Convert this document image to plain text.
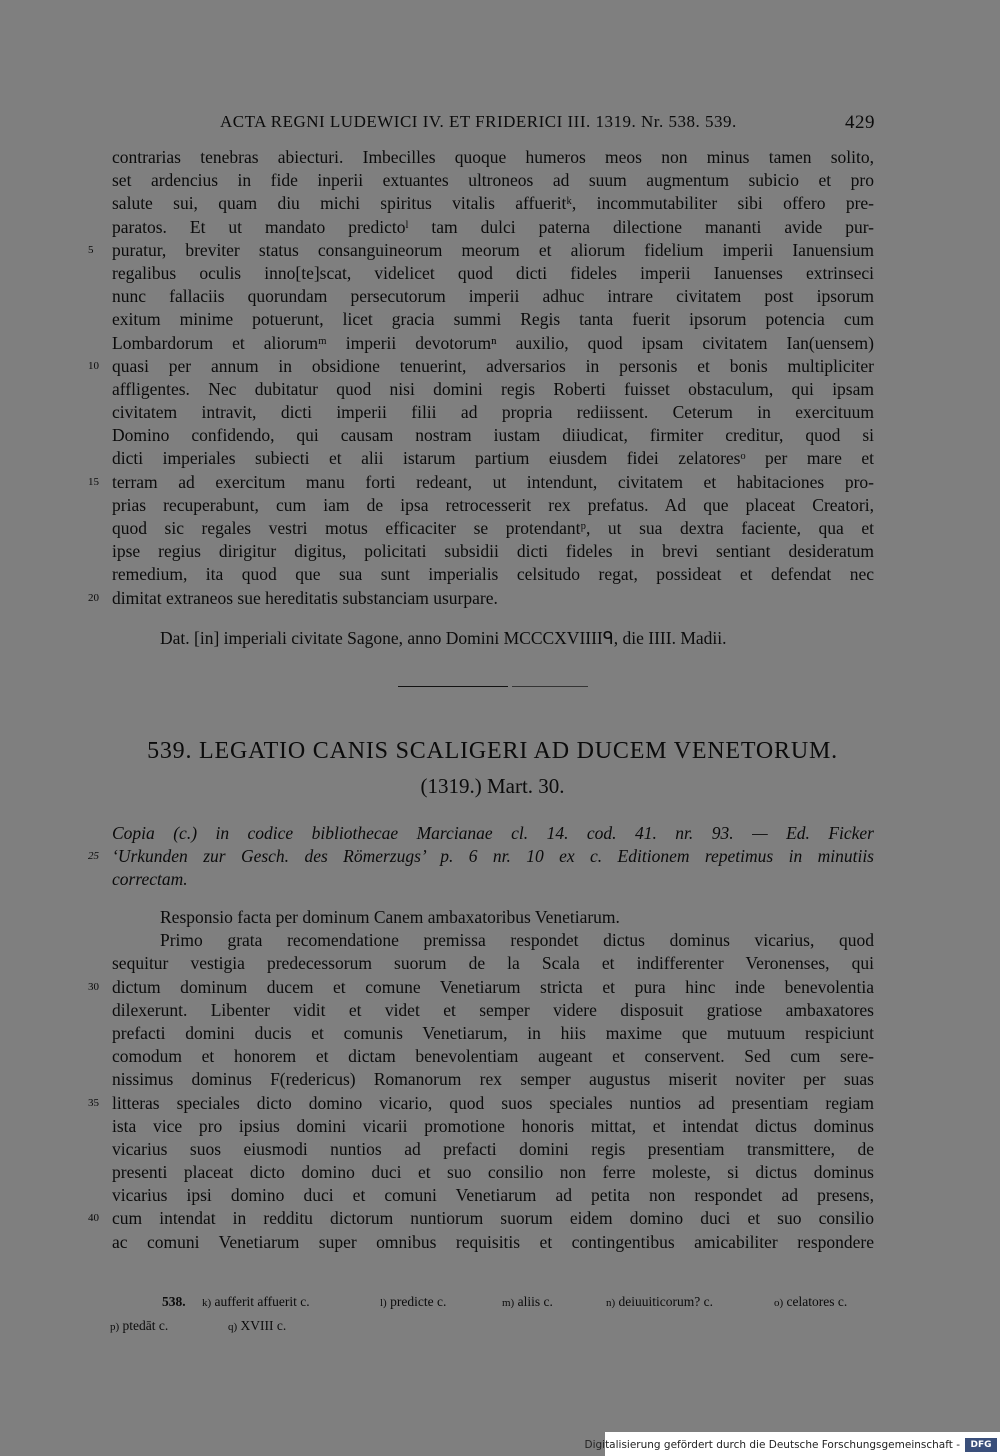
ACTA REGNI LUDEWICI IV. ET FRIDERICI III. 1319. Nr. 538. 539.	429
contrarias tenebras abiecturi. Imbecilles quoque humeros meos non minus tamen solito,
set ardencius in fide inperii extuantes ultroneos ad suum augmentum subicio et pro
salute sui, quam diu michi spiritus vitalis affueritᵏ, incommutabiliter sibi offero pre-
paratos. Et ut mandato predictoˡ tam dulci paterna dilectione mananti avide pur-
5	puratur, breviter status consanguineorum meorum et aliorum fidelium imperii Ianuensium
regalibus oculis inno[te]scat, videlicet quod dicti fideles imperii Ianuenses extrinseci
nunc fallaciis quorundam persecutorum imperii adhuc intrare civitatem post ipsorum
exitum minime potuerunt, licet gracia summi Regis tanta fuerit ipsorum potencia cum
Lombardorum et aliorumᵐ imperii devotorumⁿ auxilio, quod ipsam civitatem Ian(uensem)
10 quasi per annum in obsidione tenuerint, adversarios in personis et bonis multipliciter
affligentes. Nec dubitatur quod nisi domini regis Roberti fuisset obstaculum, qui ipsam
civitatem intravit, dicti imperii filii ad propria rediissent. Ceterum in exercituum
Domino confidendo, qui causam nostram iustam diiudicat, firmiter creditur, quod si
dicti imperiales subiecti et alii istarum partium eiusdem fidei zelatoresᵒ per mare et
15 terram ad exercitum manu forti redeant, ut intendunt, civitatem et habitaciones pro-
prias recuperabunt, cum iam de ipsa retrocesserit rex prefatus. Ad que placeat Creatori,
quod sic regales vestri motus efficaciter se protendantᵖ, ut sua dextra faciente, qua et
ipse regius dirigitur digitus, policitati subsidii dicti fideles in brevi sentiant desideratum
remedium, ita quod que sua sunt imperialis celsitudo regat, possideat et defendat nec
20 dimitat extraneos sue hereditatis substanciam usurpare.
Dat. [in] imperiali civitate Sagone, anno Domini MCCCXVIIIIᑫ, die IIII. Madii.
539. LEGATIO CANIS SCALIGERI AD DUCEM VENETORUM.
(1319.) Mart. 30.
Copia (c.) in codice bibliothecae Marcianae cl. 14. cod. 41. nr. 93. — Ed. Ficker
25 ‘Urkunden zur Gesch. des Römerzugs’ p. 6 nr. 10 ex c. Editionem repetimus in minutiis
correctam.
Responsio facta per dominum Canem ambaxatoribus Venetiarum.
Primo grata recomendatione premissa respondet dictus dominus vicarius, quod
sequitur vestigia predecessorum suorum de la Scala et indifferenter Veronenses, qui
30 dictum dominum ducem et comune Venetiarum stricta et pura hinc inde benevolentia
dilexerunt. Libenter vidit et videt et semper videre disposuit gratiose ambaxatores
prefacti domini ducis et comunis Venetiarum, in hiis maxime que mutuum respiciunt
comodum et honorem et dictam benevolentiam augeant et conservent. Sed cum sere-
nissimus dominus F(redericus) Romanorum rex semper augustus miserit noviter per suas
35 litteras speciales dicto domino vicario, quod suos speciales nuntios ad presentiam regiam
ista vice pro ipsius domini vicarii promotione honoris mittat, et intendat dictus dominus
vicarius suos eiusmodi nuntios ad prefacti domini regis presentiam transmittere, de
presenti placeat dicto domino duci et suo consilio non ferre moleste, si dictus dominus
vicarius ipsi domino duci et comuni Venetiarum ad petita non respondet ad presens,
40 cum intendat in redditu dictorum nuntiorum suorum eidem domino duci et suo consilio
ac comuni Venetiarum super omnibus requisitis et contingentibus amicabiliter respondere
538. k) aufferit affuerit c.	l) predicte c.	m) aliis c.	n) deiuuiticorum? c.	o) celatores c.
p) ptedāt c.	q) XVIII c.
Digitalisierung gefördert durch die Deutsche Forschungsgemeinschaft -	DFG
